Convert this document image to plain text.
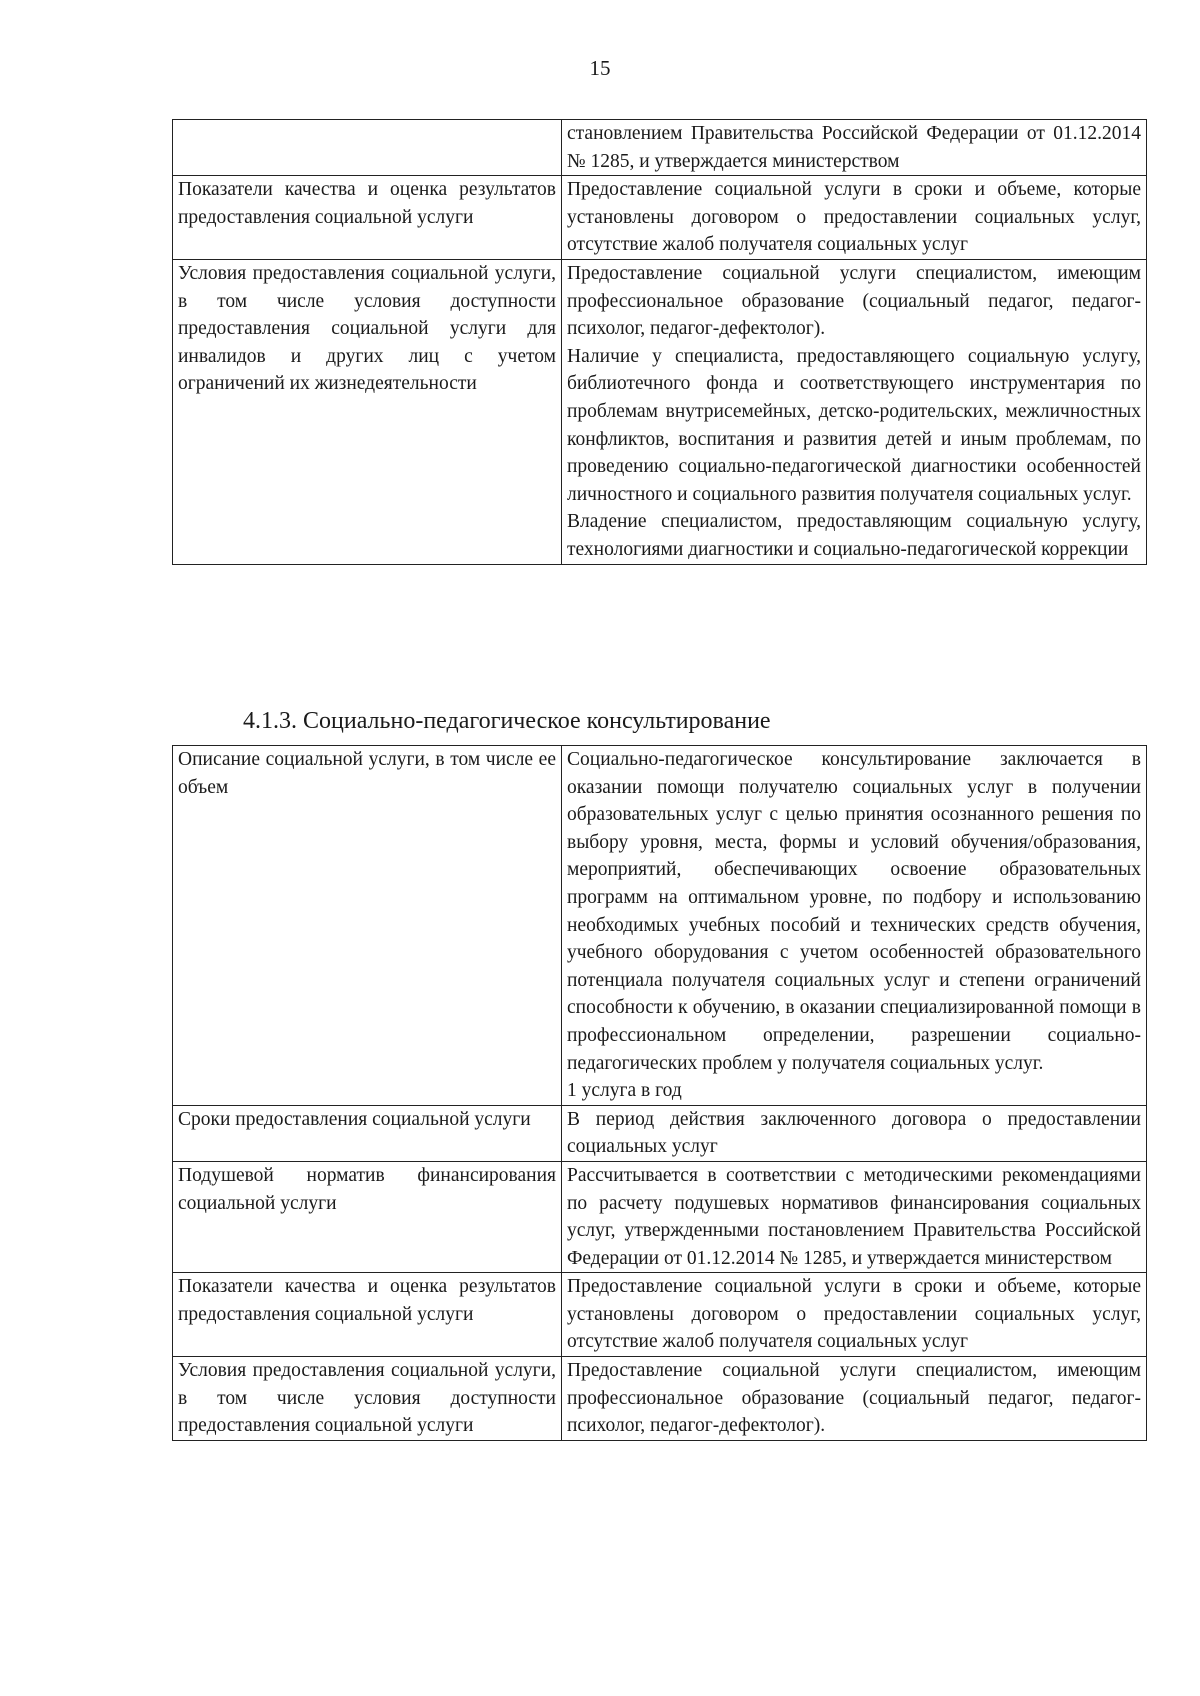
15

	становлением Правительства Российской Федерации от 01.12.2014 № 1285, и утверждается министерством

Показатели качества и оценка результатов предоставления социальной услуги	Предоставление социальной услуги в сроки и объеме, которые установлены договором о предоставлении социальных услуг, отсутствие жалоб получателя социальных услуг

Условия предоставления социальной услуги, в том числе условия доступности предоставления социальной услуги для инвалидов и других лиц с учетом ограничений их жизнедеятельности	Предоставление социальной услуги специалистом, имеющим профессиональное образование (социальный педагог, педагог-психолог, педагог-дефектолог).
Наличие у специалиста, предоставляющего социальную услугу, библиотечного фонда и соответствующего инструментария по проблемам внутрисемейных, детско-родительских, межличностных конфликтов, воспитания и развития детей и иным проблемам, по проведению социально-педагогической диагностики особенностей личностного и социального развития получателя социальных услуг.
Владение специалистом, предоставляющим социальную услугу, технологиями диагностики и социально-педагогической коррекции
4.1.3. Социально-педагогическое консультирование
Описание социальной услуги, в том числе ее объем	Социально-педагогическое консультирование заключается в оказании помощи получателю социальных услуг в получении образовательных услуг с целью принятия осознанного решения по выбору уровня, места, формы и условий обучения/образования, мероприятий, обеспечивающих освоение образовательных программ на оптимальном уровне, по подбору и использованию необходимых учебных пособий и технических средств обучения, учебного оборудования с учетом особенностей образовательного потенциала получателя социальных услуг и степени ограничений способности к обучению, в оказании специализированной помощи в профессиональном определении, разрешении социально-педагогических проблем у получателя социальных услуг.
1 услуга в год

Сроки предоставления социальной услуги	В период действия заключенного договора о предоставлении социальных услуг

Подушевой норматив финансирования социальной услуги	Рассчитывается в соответствии с методическими рекомендациями по расчету подушевых нормативов финансирования социальных услуг, утвержденными постановлением Правительства Российской Федерации от 01.12.2014 № 1285, и утверждается министерством

Показатели качества и оценка результатов предоставления социальной услуги	Предоставление социальной услуги в сроки и объеме, которые установлены договором о предоставлении социальных услуг, отсутствие жалоб получателя социальных услуг

Условия предоставления социальной услуги, в том числе условия доступности предоставления социальной услуги	Предоставление социальной услуги специалистом, имеющим профессиональное образование (социальный педагог, педагог-психолог, педагог-дефектолог).
